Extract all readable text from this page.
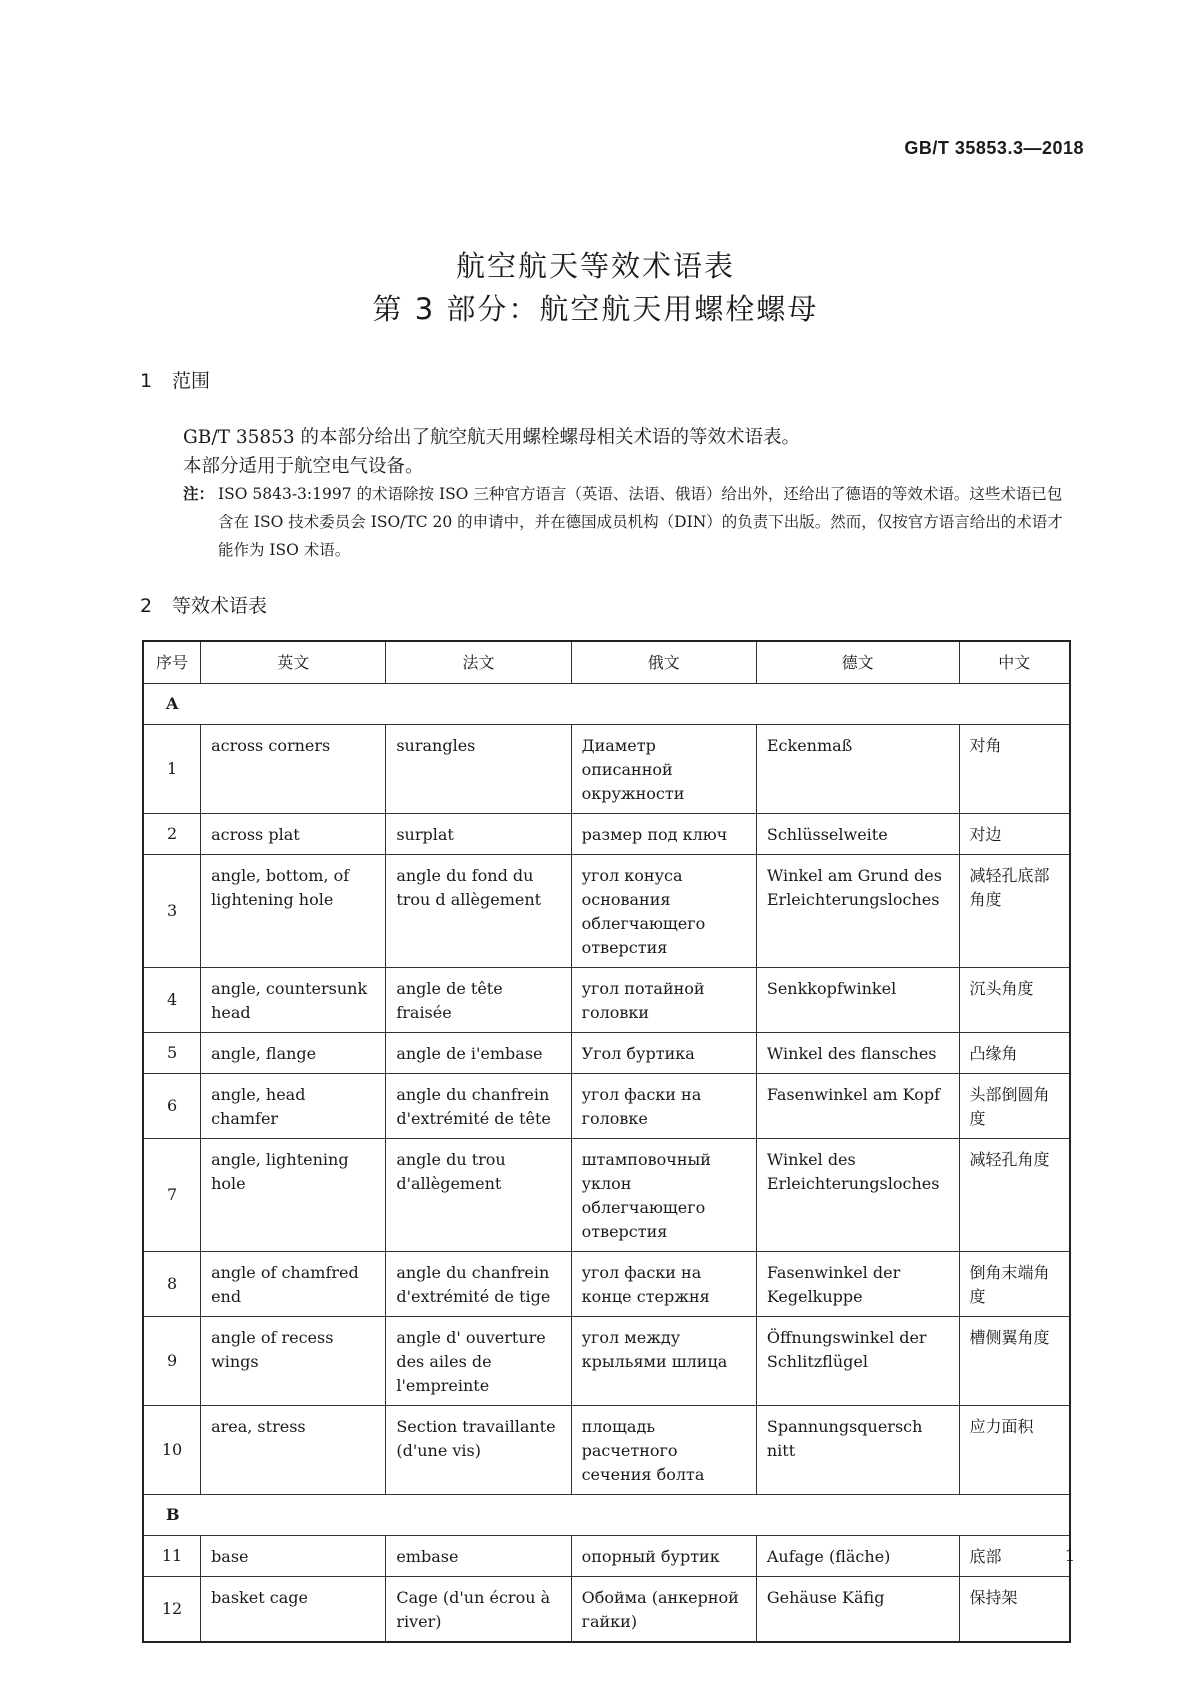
GB/T 35853.3—2018
航空航天等效术语表
第 3 部分：航空航天用螺栓螺母
1 范围
GB/T 35853 的本部分给出了航空航天用螺栓螺母相关术语的等效术语表。
本部分适用于航空电气设备。
注： ISO 5843-3:1997 的术语除按 ISO 三种官方语言（英语、法语、俄语）给出外，还给出了德语的等效术语。这些术语已包含在 ISO 技术委员会 ISO/TC 20 的申请中，并在德国成员机构（DIN）的负责下出版。然而，仅按官方语言给出的术语才能作为 ISO 术语。
2 等效术语表
序号	英文	法文	俄文	德文	中文
A					
1	across corners	surangles	Диаметр описанной окружности	Eckenmaß	对角
2	across plat	surplat	размер под ключ	Schlüsselweite	对边
3	angle, bottom, of lightening hole	angle du fond du trou d allègement	угол конуса основания облегчающего отверстия	Winkel am Grund des Erleichterungsloches	减轻孔底部角度
4	angle, countersunk head	angle de tête fraisée	угол потайной головки	Senkkopfwinkel	沉头角度
5	angle, flange	angle de i'embase	Угол буртика	Winkel des flansches	凸缘角
6	angle, head chamfer	angle du chanfrein d'extrémité de tête	угол фаски на головке	Fasenwinkel am Kopf	头部倒圆角度
7	angle, lightening hole	angle du trou d'allègement	штамповочный уклон облегчающего отверстия	Winkel des Erleichterungsloches	减轻孔角度
8	angle of chamfred end	angle du chanfrein d'extrémité de tige	угол фаски на конце стержня	Fasenwinkel der Kegelkuppe	倒角末端角度
9	angle of recess wings	angle d' ouverture des ailes de l'empreinte	угол между крыльями шлица	Öffnungswinkel der Schlitzflügel	槽侧翼角度
10	area, stress	Section travaillante (d'une vis)	площадь расчетного сечения болта	Spannungsquersch nitt	应力面积
B					
11	base	embase	опорный буртик	Aufage (fläche)	底部
12	basket cage	Cage (d'un écrou à river)	Обойма (анкерной гайки)	Gehäuse Käfig	保持架
1
